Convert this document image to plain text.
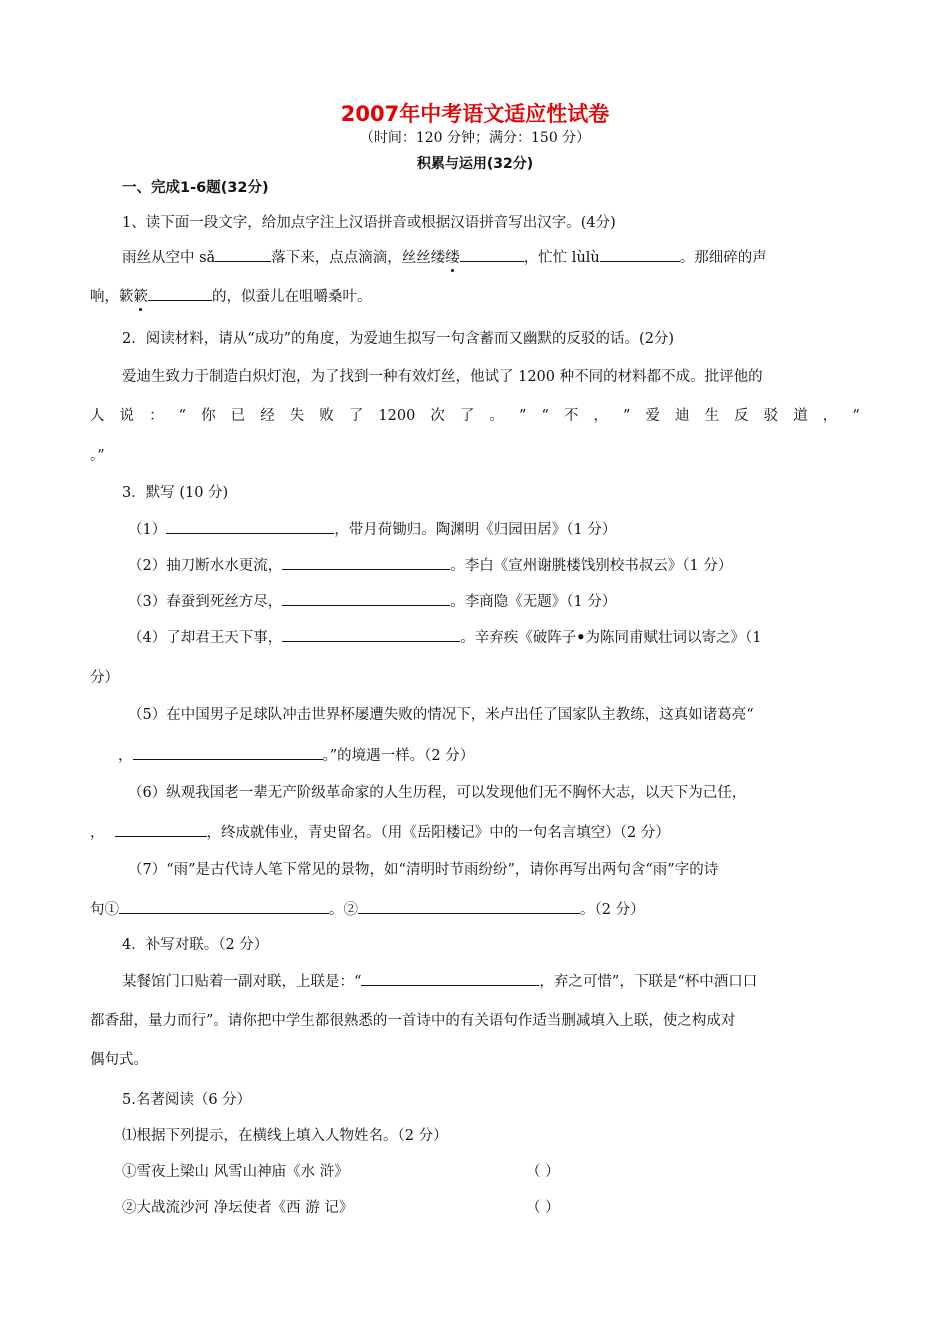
2007年中考语文适应性试卷
（时间：120 分钟；满分：150 分）
积累与运用(32分)
一、完成1-6题(32分)
1、读下面一段文字，给加点字注上汉语拼音或根据汉语拼音写出汉字。(4分)
雨丝从空中 sǎ	落下来，点点滴滴，丝丝缕缕	，忙忙 lùlù	。那细碎的声
响，簌簌	的，似蚕儿在咀嚼桑叶。
2．阅读材料，请从“成功”的角度，为爱迪生拟写一句含蓄而又幽默的反驳的话。(2分)
爱迪生致力于制造白炽灯泡，为了找到一种有效灯丝，他试了 1200 种不同的材料都不成。批评他的
人 说 ： “ 你 已 经 失 败 了 1200 次 了 。 ” “ 不 ， ” 爱 迪 生 反 驳 道 ， “
。”
3．默写 (10 分)
（1）	，带月荷锄归。陶渊明《归园田居》（1 分）
（2）抽刀断水水更流，	。李白《宣州谢朓楼饯别校书叔云》（1 分）
（3）春蚕到死丝方尽，	。李商隐《无题》（1 分）
（4）了却君王天下事，	。辛弃疾《破阵子•为陈同甫赋壮词以寄之》（1
分）
（5）在中国男子足球队冲击世界杯屡遭失败的情况下，米卢出任了国家队主教练，这真如诸葛亮“
，	。”的境遇一样。（2 分）
（6）纵观我国老一辈无产阶级革命家的人生历程，可以发现他们无不胸怀大志，以天下为己任，
，	，终成就伟业，青史留名。（用《岳阳楼记》中的一句名言填空）（2 分）
（7）“雨”是古代诗人笔下常见的景物，如“清明时节雨纷纷”，请你再写出两句含“雨”字的诗
句①	。②	。（2 分）
4．补写对联。（2 分）
某餐馆门口贴着一副对联，上联是：“	，弃之可惜”，下联是“杯中酒口口
都香甜，量力而行”。请你把中学生都很熟悉的一首诗中的有关语句作适当删减填入上联，使之构成对
偶句式。
5.名著阅读（6 分）
⑴根据下列提示，在横线上填入人物姓名。（2 分）
①雪夜上梁山 风雪山神庙《水 浒》	（ ）
②大战流沙河 净坛使者《西 游 记》	（ ）
